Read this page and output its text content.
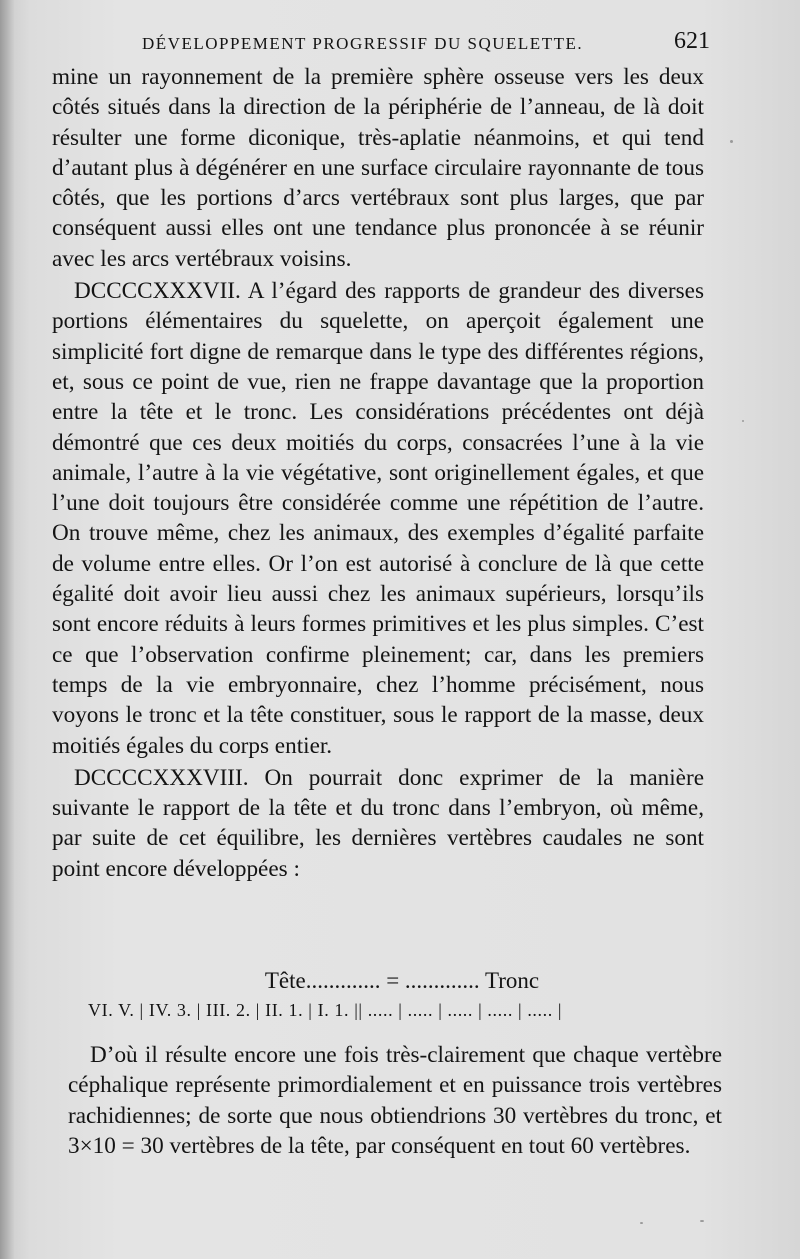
DÉVELOPPEMENT PROGRESSIF DU SQUELETTE.	621

mine un rayonnement de la première sphère osseuse vers les deux côtés situés dans la direction de la périphérie de l’anneau, de là doit résulter une forme diconique, très-aplatie néanmoins, et qui tend d’autant plus à dégénérer en une surface circulaire rayonnante de tous côtés, que les portions d’arcs vertébraux sont plus larges, que par conséquent aussi elles ont une tendance plus prononcée à se réunir avec les arcs vertébraux voisins.

DCCCCXXXVII. A l’égard des rapports de grandeur des diverses portions élémentaires du squelette, on aperçoit également une simplicité fort digne de remarque dans le type des différentes régions, et, sous ce point de vue, rien ne frappe davantage que la proportion entre la tête et le tronc. Les considérations précédentes ont déjà démontré que ces deux moitiés du corps, consacrées l’une à la vie animale, l’autre à la vie végétative, sont originellement égales, et que l’une doit toujours être considérée comme une répétition de l’autre. On trouve même, chez les animaux, des exemples d’égalité parfaite de volume entre elles. Or l’on est autorisé à conclure de là que cette égalité doit avoir lieu aussi chez les animaux supérieurs, lorsqu’ils sont encore réduits à leurs formes primitives et les plus simples. C’est ce que l’observation confirme pleinement; car, dans les premiers temps de la vie embryonnaire, chez l’homme précisément, nous voyons le tronc et la tête constituer, sous le rapport de la masse, deux moitiés égales du corps entier.

DCCCCXXXVIII. On pourrait donc exprimer de la manière suivante le rapport de la tête et du tronc dans l’embryon, où même, par suite de cet équilibre, les dernières vertèbres caudales ne sont point encore développées :

Tête............. = ............. Tronc
VI. V. | IV. 3. | III. 2. | II. 1. | I. 1. || ..... | ..... | ..... | ..... | ..... |

D’où il résulte encore une fois très-clairement que chaque vertèbre céphalique représente primordialement et en puissance trois vertèbres rachidiennes; de sorte que nous obtiendrions 30 vertèbres du tronc, et 3×10 = 30 vertèbres de la tête, par conséquent en tout 60 vertèbres.
